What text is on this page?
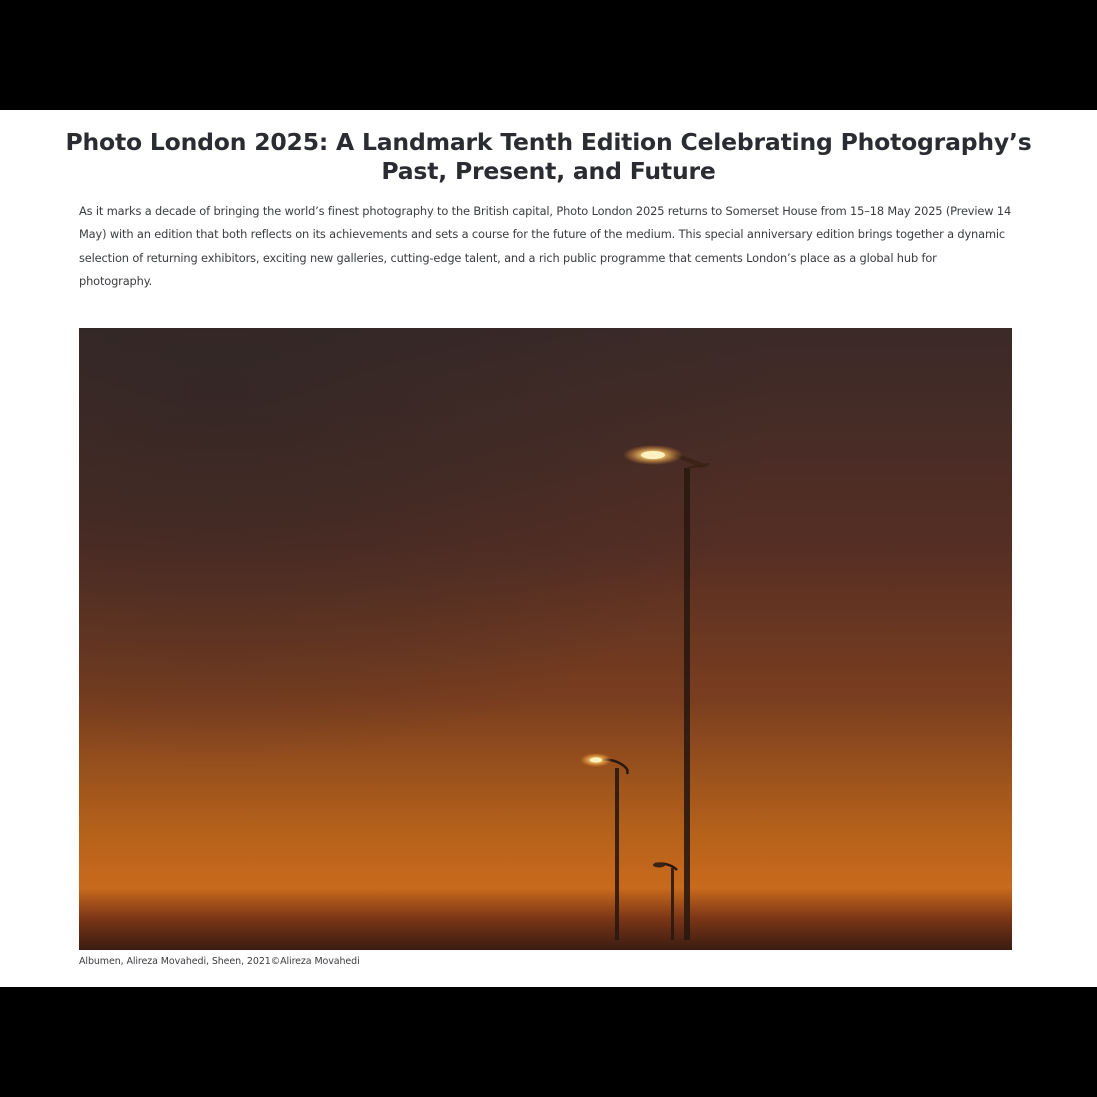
Photo London 2025: A Landmark Tenth Edition Celebrating Photography’s Past, Present, and Future

As it marks a decade of bringing the world’s finest photography to the British capital, Photo London 2025 returns to Somerset House from 15–18 May 2025 (Preview 14 May) with an edition that both reflects on its achievements and sets a course for the future of the medium. This special anniversary edition brings together a dynamic selection of returning exhibitors, exciting new galleries, cutting-edge talent, and a rich public programme that cements London’s place as a global hub for photography.

Albumen, Alireza Movahedi, Sheen, 2021©Alireza Movahedi
